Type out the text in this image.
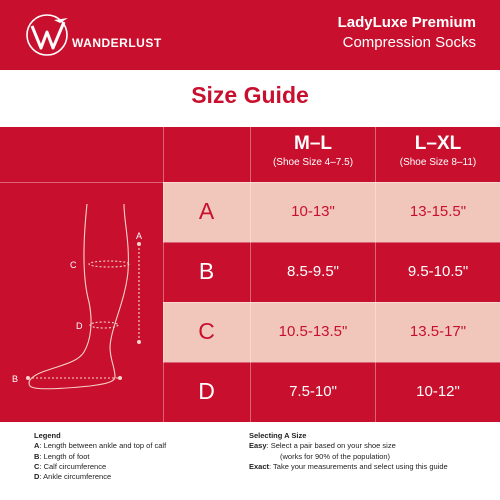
WANDERLUST
LadyLuxe Premium
Compression Socks
Size Guide
M–L
(Shoe Size 4–7.5)
L–XL
(Shoe Size 8–11)
A	10-13"	13-15.5"
B	8.5-9.5"	9.5-10.5"
C	10.5-13.5"	13.5-17"
D	7.5-10"	10-12"
A
C
D
B
Legend
A: Length between ankle and top of calf
B: Length of foot
C: Calf circumference
D: Ankle circumference
Selecting A Size
Easy: Select a pair based on your shoe size
(works for 90% of the population)
Exact: Take your measurements and select using this guide
